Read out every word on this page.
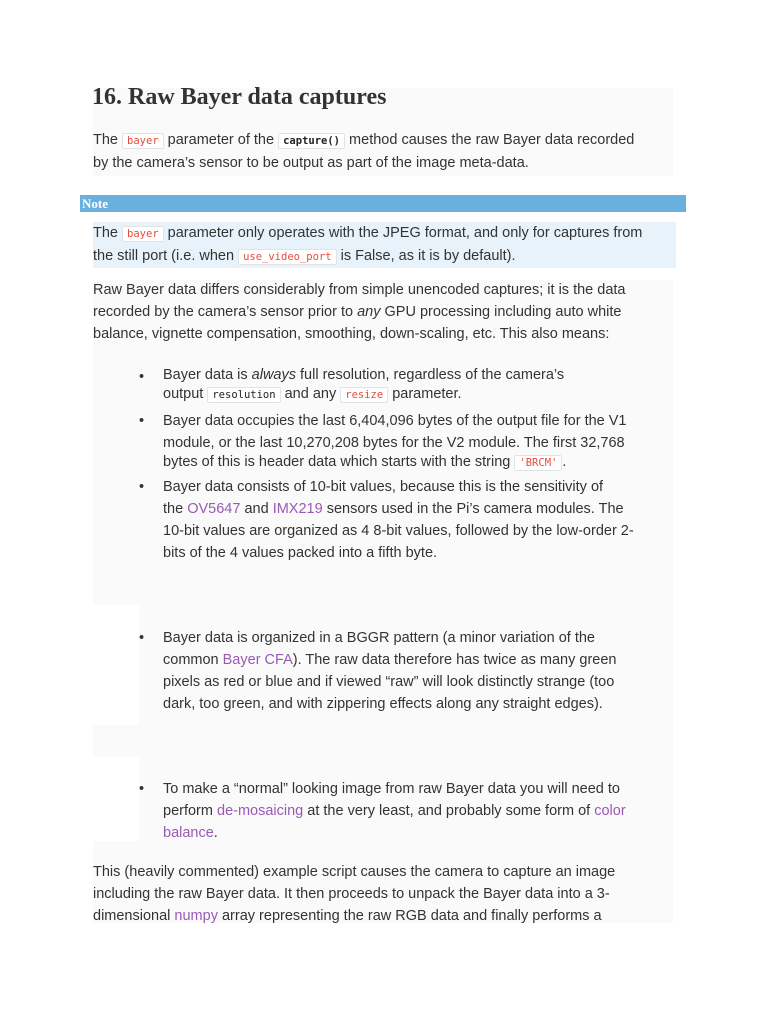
16. Raw Bayer data captures
The bayer parameter of the capture() method causes the raw Bayer data recorded
by the camera’s sensor to be output as part of the image meta-data.
Note
The bayer parameter only operates with the JPEG format, and only for captures from
the still port (i.e. when use_video_port is False, as it is by default).
Raw Bayer data differs considerably from simple unencoded captures; it is the data
recorded by the camera’s sensor prior to any GPU processing including auto white
balance, vignette compensation, smoothing, down-scaling, etc. This also means:
• Bayer data is always full resolution, regardless of the camera’s
output resolution and any resize parameter.
• Bayer data occupies the last 6,404,096 bytes of the output file for the V1
module, or the last 10,270,208 bytes for the V2 module. The first 32,768
bytes of this is header data which starts with the string 'BRCM' .
• Bayer data consists of 10-bit values, because this is the sensitivity of
the OV5647 and IMX219 sensors used in the Pi’s camera modules. The
10-bit values are organized as 4 8-bit values, followed by the low-order 2-
bits of the 4 values packed into a fifth byte.
• Bayer data is organized in a BGGR pattern (a minor variation of the
common Bayer CFA). The raw data therefore has twice as many green
pixels as red or blue and if viewed “raw” will look distinctly strange (too
dark, too green, and with zippering effects along any straight edges).
• To make a “normal” looking image from raw Bayer data you will need to
perform de-mosaicing at the very least, and probably some form of color
balance.
This (heavily commented) example script causes the camera to capture an image
including the raw Bayer data. It then proceeds to unpack the Bayer data into a 3-
dimensional numpy array representing the raw RGB data and finally performs a
